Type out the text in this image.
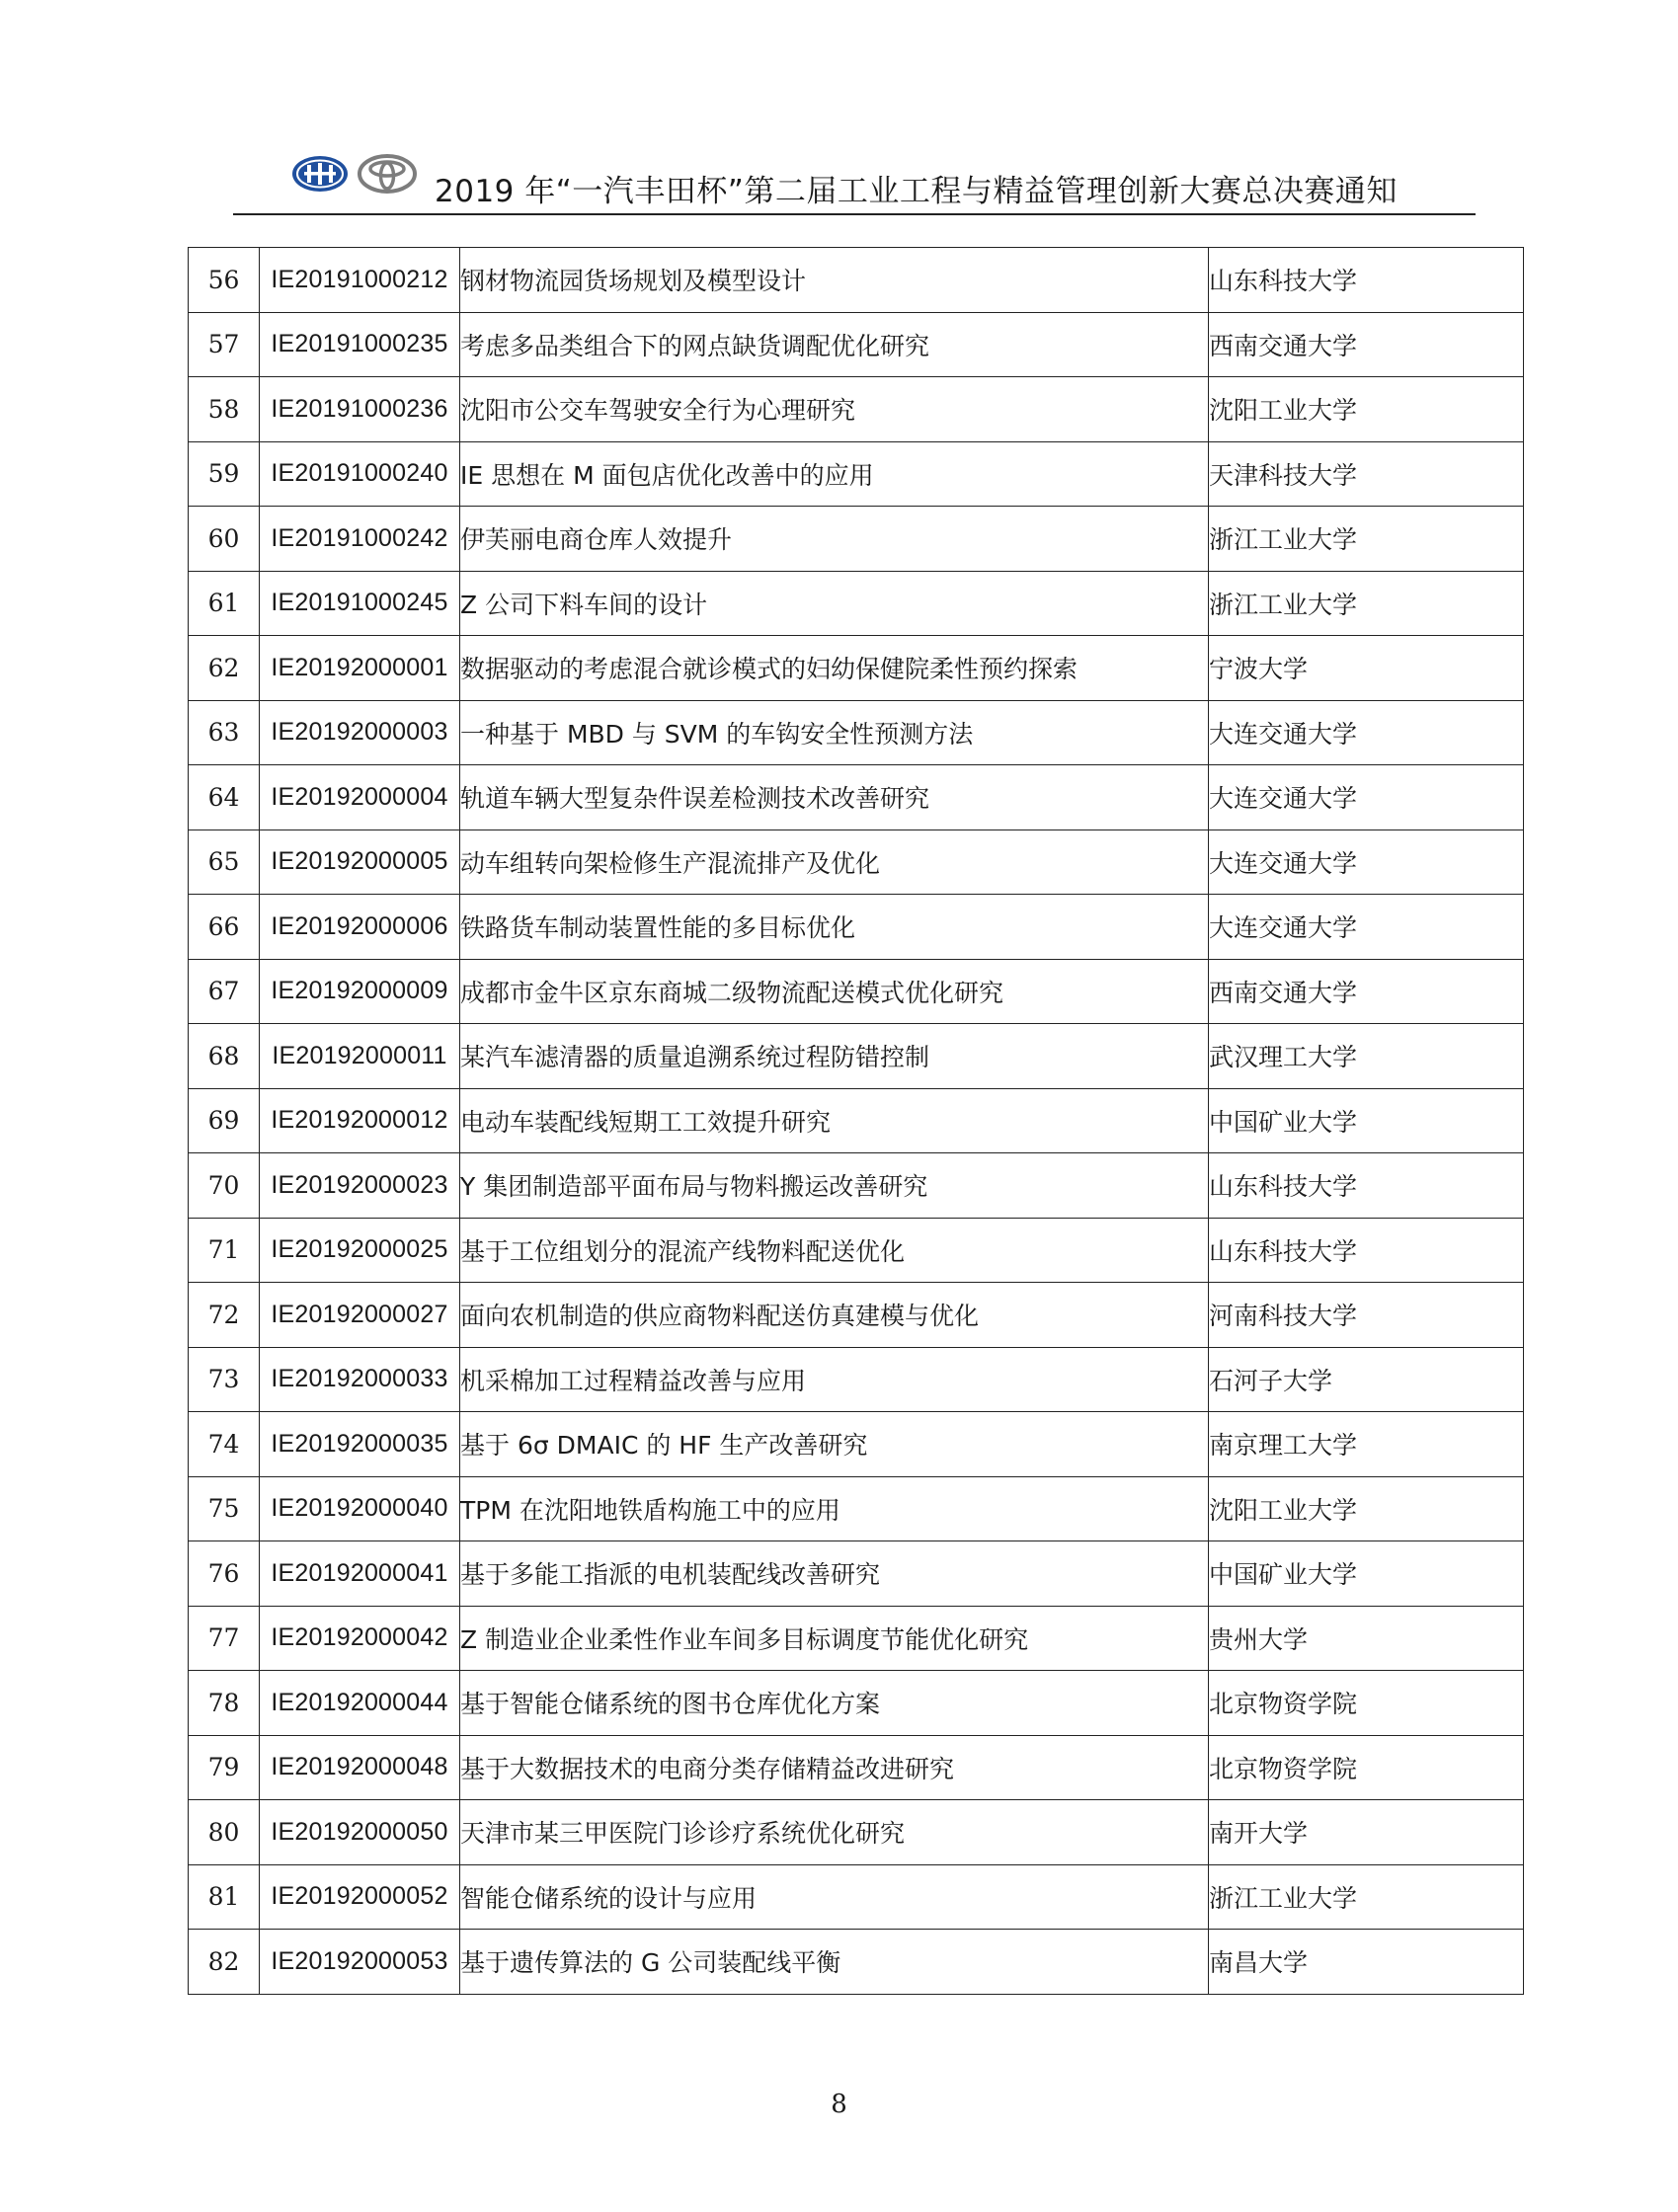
2019 年“一汽丰田杯”第二届工业工程与精益管理创新大赛总决赛通知
56	IE20191000212	钢材物流园货场规划及模型设计	山东科技大学
57	IE20191000235	考虑多品类组合下的网点缺货调配优化研究	西南交通大学
58	IE20191000236	沈阳市公交车驾驶安全行为心理研究	沈阳工业大学
59	IE20191000240	IE 思想在 M 面包店优化改善中的应用	天津科技大学
60	IE20191000242	伊芙丽电商仓库人效提升	浙江工业大学
61	IE20191000245	Z 公司下料车间的设计	浙江工业大学
62	IE20192000001	数据驱动的考虑混合就诊模式的妇幼保健院柔性预约探索	宁波大学
63	IE20192000003	一种基于 MBD 与 SVM 的车钩安全性预测方法	大连交通大学
64	IE20192000004	轨道车辆大型复杂件误差检测技术改善研究	大连交通大学
65	IE20192000005	动车组转向架检修生产混流排产及优化	大连交通大学
66	IE20192000006	铁路货车制动装置性能的多目标优化	大连交通大学
67	IE20192000009	成都市金牛区京东商城二级物流配送模式优化研究	西南交通大学
68	IE20192000011	某汽车滤清器的质量追溯系统过程防错控制	武汉理工大学
69	IE20192000012	电动车装配线短期工工效提升研究	中国矿业大学
70	IE20192000023	Y 集团制造部平面布局与物料搬运改善研究	山东科技大学
71	IE20192000025	基于工位组划分的混流产线物料配送优化	山东科技大学
72	IE20192000027	面向农机制造的供应商物料配送仿真建模与优化	河南科技大学
73	IE20192000033	机采棉加工过程精益改善与应用	石河子大学
74	IE20192000035	基于 6σ DMAIC 的 HF 生产改善研究	南京理工大学
75	IE20192000040	TPM 在沈阳地铁盾构施工中的应用	沈阳工业大学
76	IE20192000041	基于多能工指派的电机装配线改善研究	中国矿业大学
77	IE20192000042	Z 制造业企业柔性作业车间多目标调度节能优化研究	贵州大学
78	IE20192000044	基于智能仓储系统的图书仓库优化方案	北京物资学院
79	IE20192000048	基于大数据技术的电商分类存储精益改进研究	北京物资学院
80	IE20192000050	天津市某三甲医院门诊诊疗系统优化研究	南开大学
81	IE20192000052	智能仓储系统的设计与应用	浙江工业大学
82	IE20192000053	基于遗传算法的 G 公司装配线平衡	南昌大学
8
